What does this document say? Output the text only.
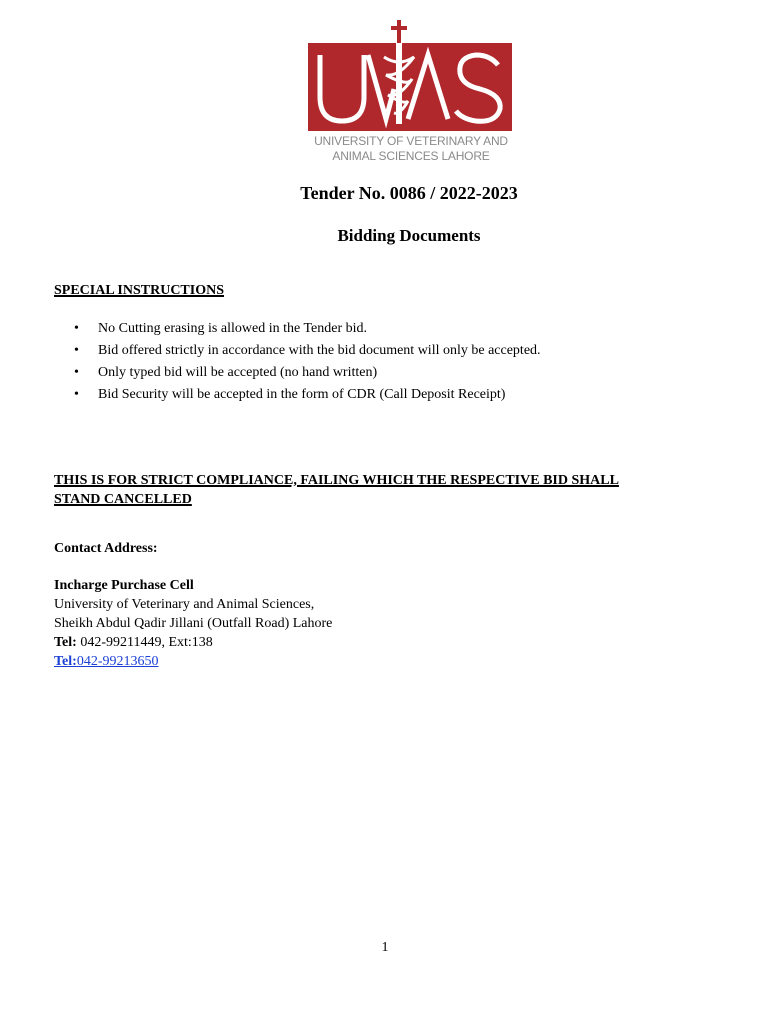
UNIVERSITY OF VETERINARY AND
ANIMAL SCIENCES LAHORE
Tender No. 0086 / 2022-2023
Bidding Documents
SPECIAL INSTRUCTIONS
• No Cutting erasing is allowed in the Tender bid.
• Bid offered strictly in accordance with the bid document will only be accepted.
• Only typed bid will be accepted (no hand written)
• Bid Security will be accepted in the form of CDR (Call Deposit Receipt)
THIS IS FOR STRICT COMPLIANCE, FAILING WHICH THE RESPECTIVE BID SHALL
STAND CANCELLED
Contact Address:
Incharge Purchase Cell
University of Veterinary and Animal Sciences,
Sheikh Abdul Qadir Jillani (Outfall Road) Lahore
Tel: 042-99211449, Ext:138
Tel:042-99213650
1
